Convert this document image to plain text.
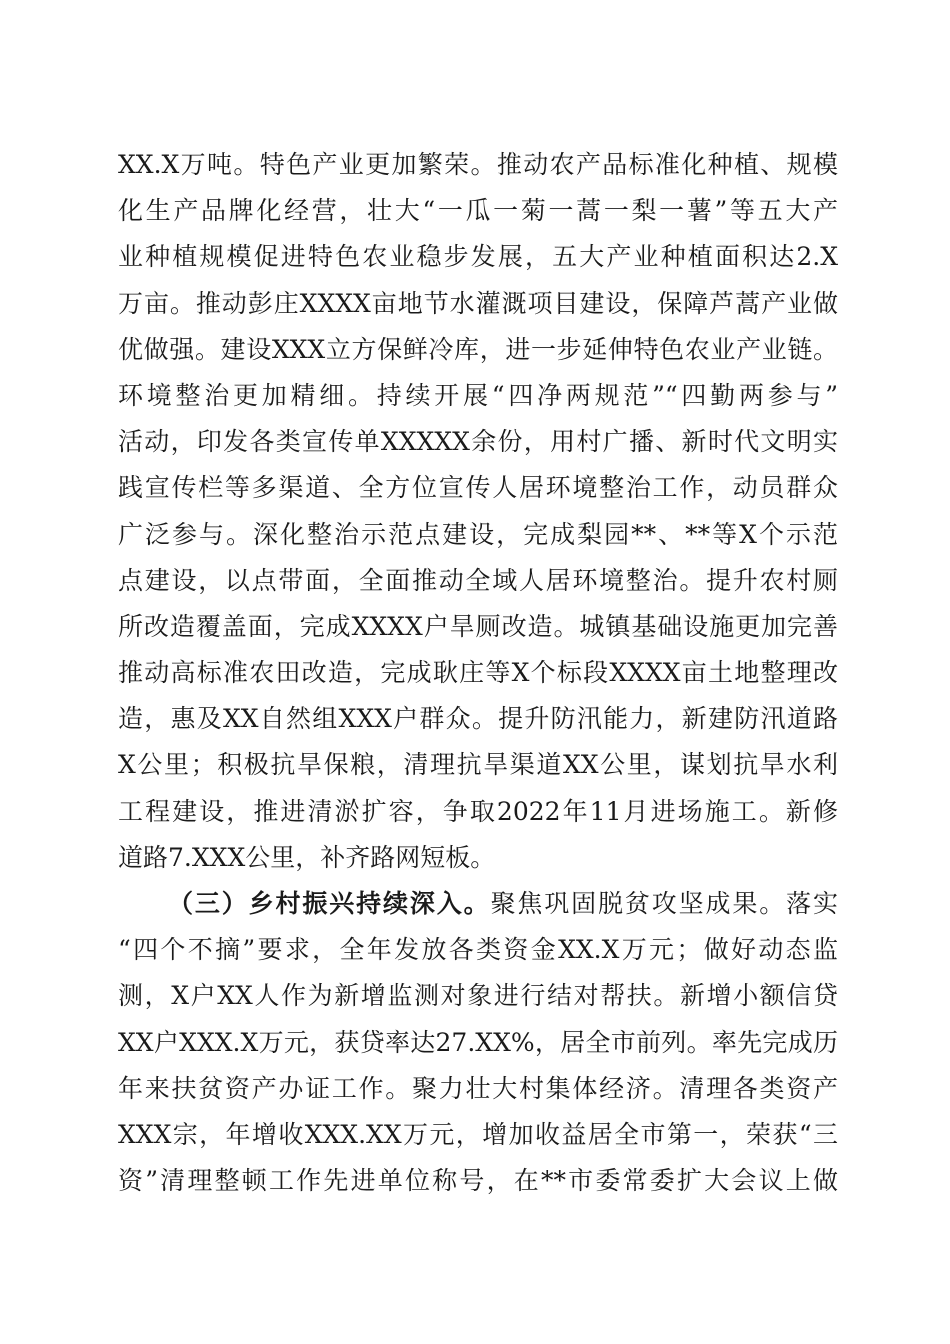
XX.X万吨。特色产业更加繁荣。推动农产品标准化种植、规模
化生产品牌化经营，壮大“一瓜一菊一蒿一梨一薯”等五大产
业种植规模促进特色农业稳步发展，五大产业种植面积达2.X
万亩。推动彭庄XXXX亩地节水灌溉项目建设，保障芦蒿产业做
优做强。建设XXX立方保鲜冷库，进一步延伸特色农业产业链。
环境整治更加精细。持续开展“四净两规范”“四勤两参与”
活动，印发各类宣传单XXXXX余份，用村广播、新时代文明实
践宣传栏等多渠道、全方位宣传人居环境整治工作，动员群众
广泛参与。深化整治示范点建设，完成梨园**、**等X个示范
点建设，以点带面，全面推动全域人居环境整治。提升农村厕
所改造覆盖面，完成XXXX户旱厕改造。城镇基础设施更加完善
推动高标准农田改造，完成耿庄等X个标段XXXX亩土地整理改
造，惠及XX自然组XXX户群众。提升防汛能力，新建防汛道路
X公里；积极抗旱保粮，清理抗旱渠道XX公里，谋划抗旱水利
工程建设，推进清淤扩容，争取2022年11月进场施工。新修
道路7.XXX公里，补齐路网短板。
（三）乡村振兴持续深入。聚焦巩固脱贫攻坚成果。落实
“四个不摘”要求，全年发放各类资金XX.X万元；做好动态监
测，X户XX人作为新增监测对象进行结对帮扶。新增小额信贷
XX户XXX.X万元，获贷率达27.XX%，居全市前列。率先完成历
年来扶贫资产办证工作。聚力壮大村集体经济。清理各类资产
XXX宗，年增收XXX.XX万元，增加收益居全市第一，荣获“三
资”清理整顿工作先进单位称号，在**市委常委扩大会议上做
